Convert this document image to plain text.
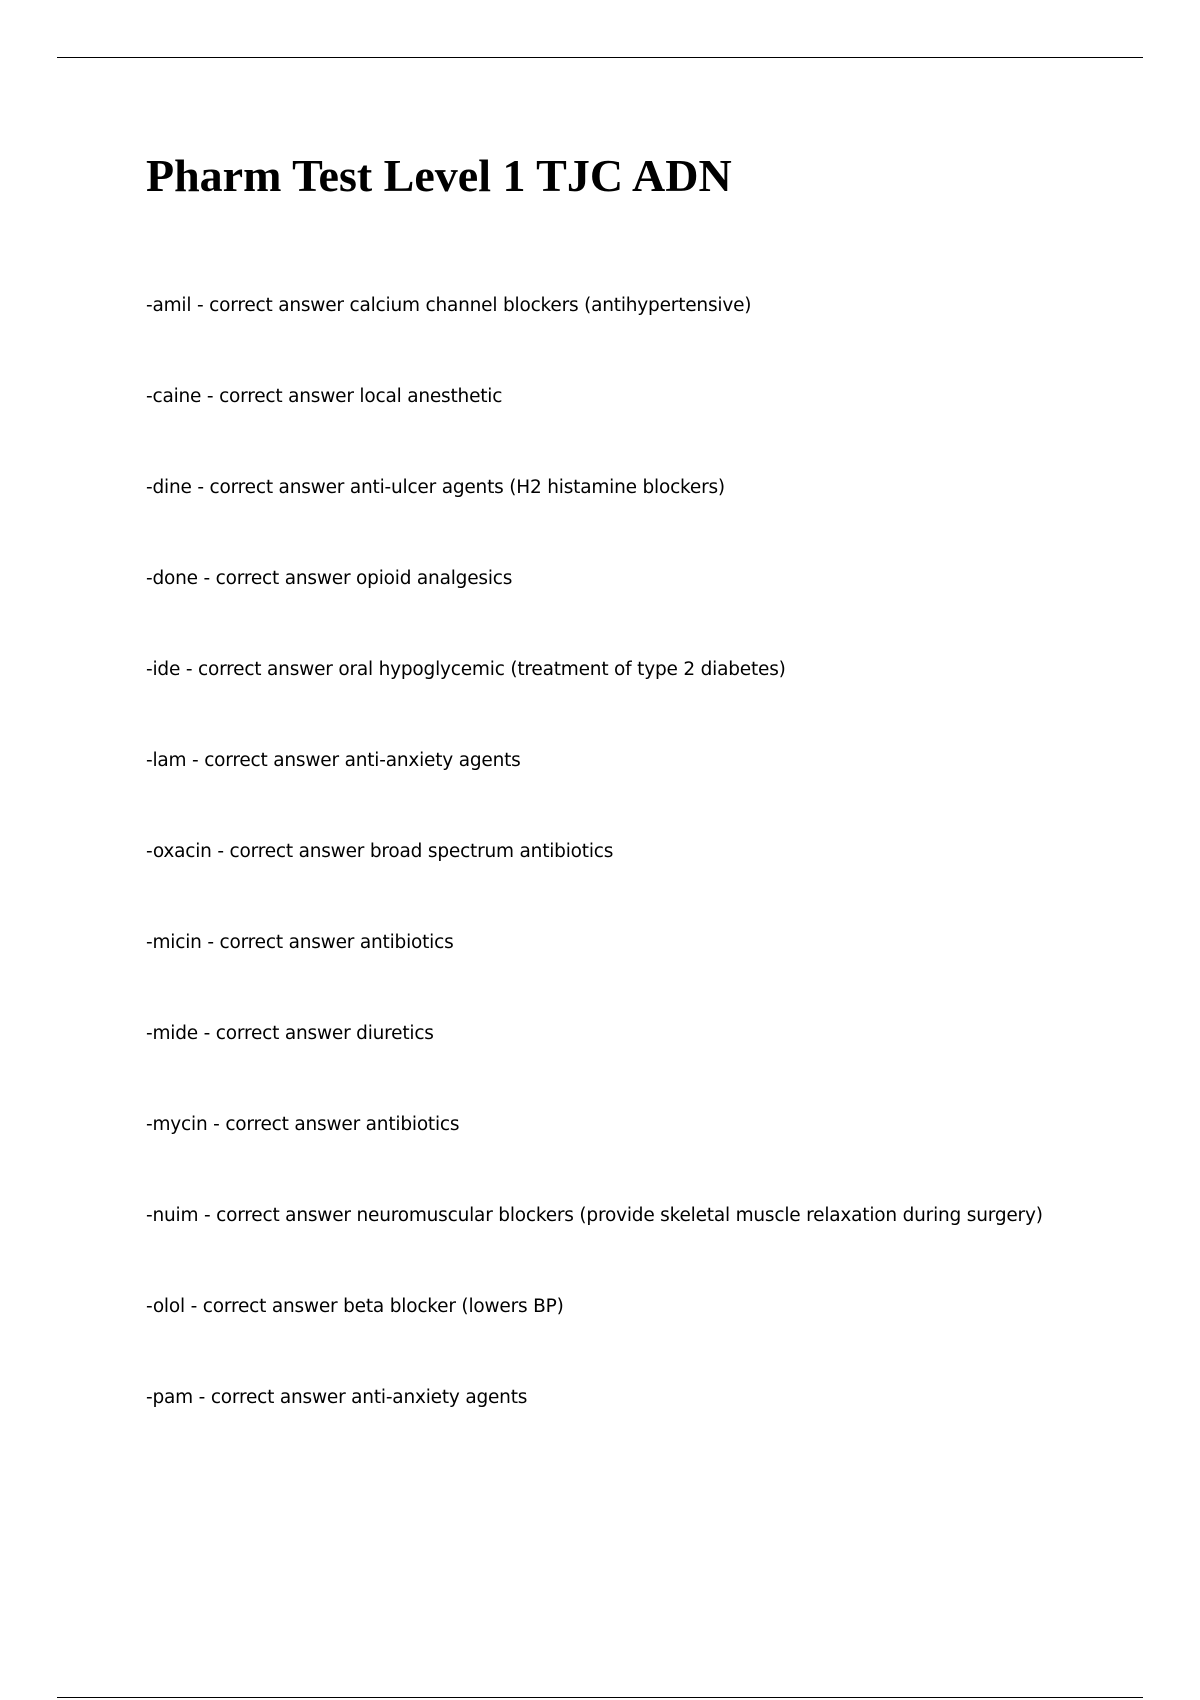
Pharm Test Level 1 TJC ADN
-amil - correct answer calcium channel blockers (antihypertensive)
-caine - correct answer local anesthetic
-dine - correct answer anti-ulcer agents (H2 histamine blockers)
-done - correct answer opioid analgesics
-ide - correct answer oral hypoglycemic (treatment of type 2 diabetes)
-lam - correct answer anti-anxiety agents
-oxacin - correct answer broad spectrum antibiotics
-micin - correct answer antibiotics
-mide - correct answer diuretics
-mycin - correct answer antibiotics
-nuim - correct answer neuromuscular blockers (provide skeletal muscle relaxation during surgery)
-olol - correct answer beta blocker (lowers BP)
-pam - correct answer anti-anxiety agents
